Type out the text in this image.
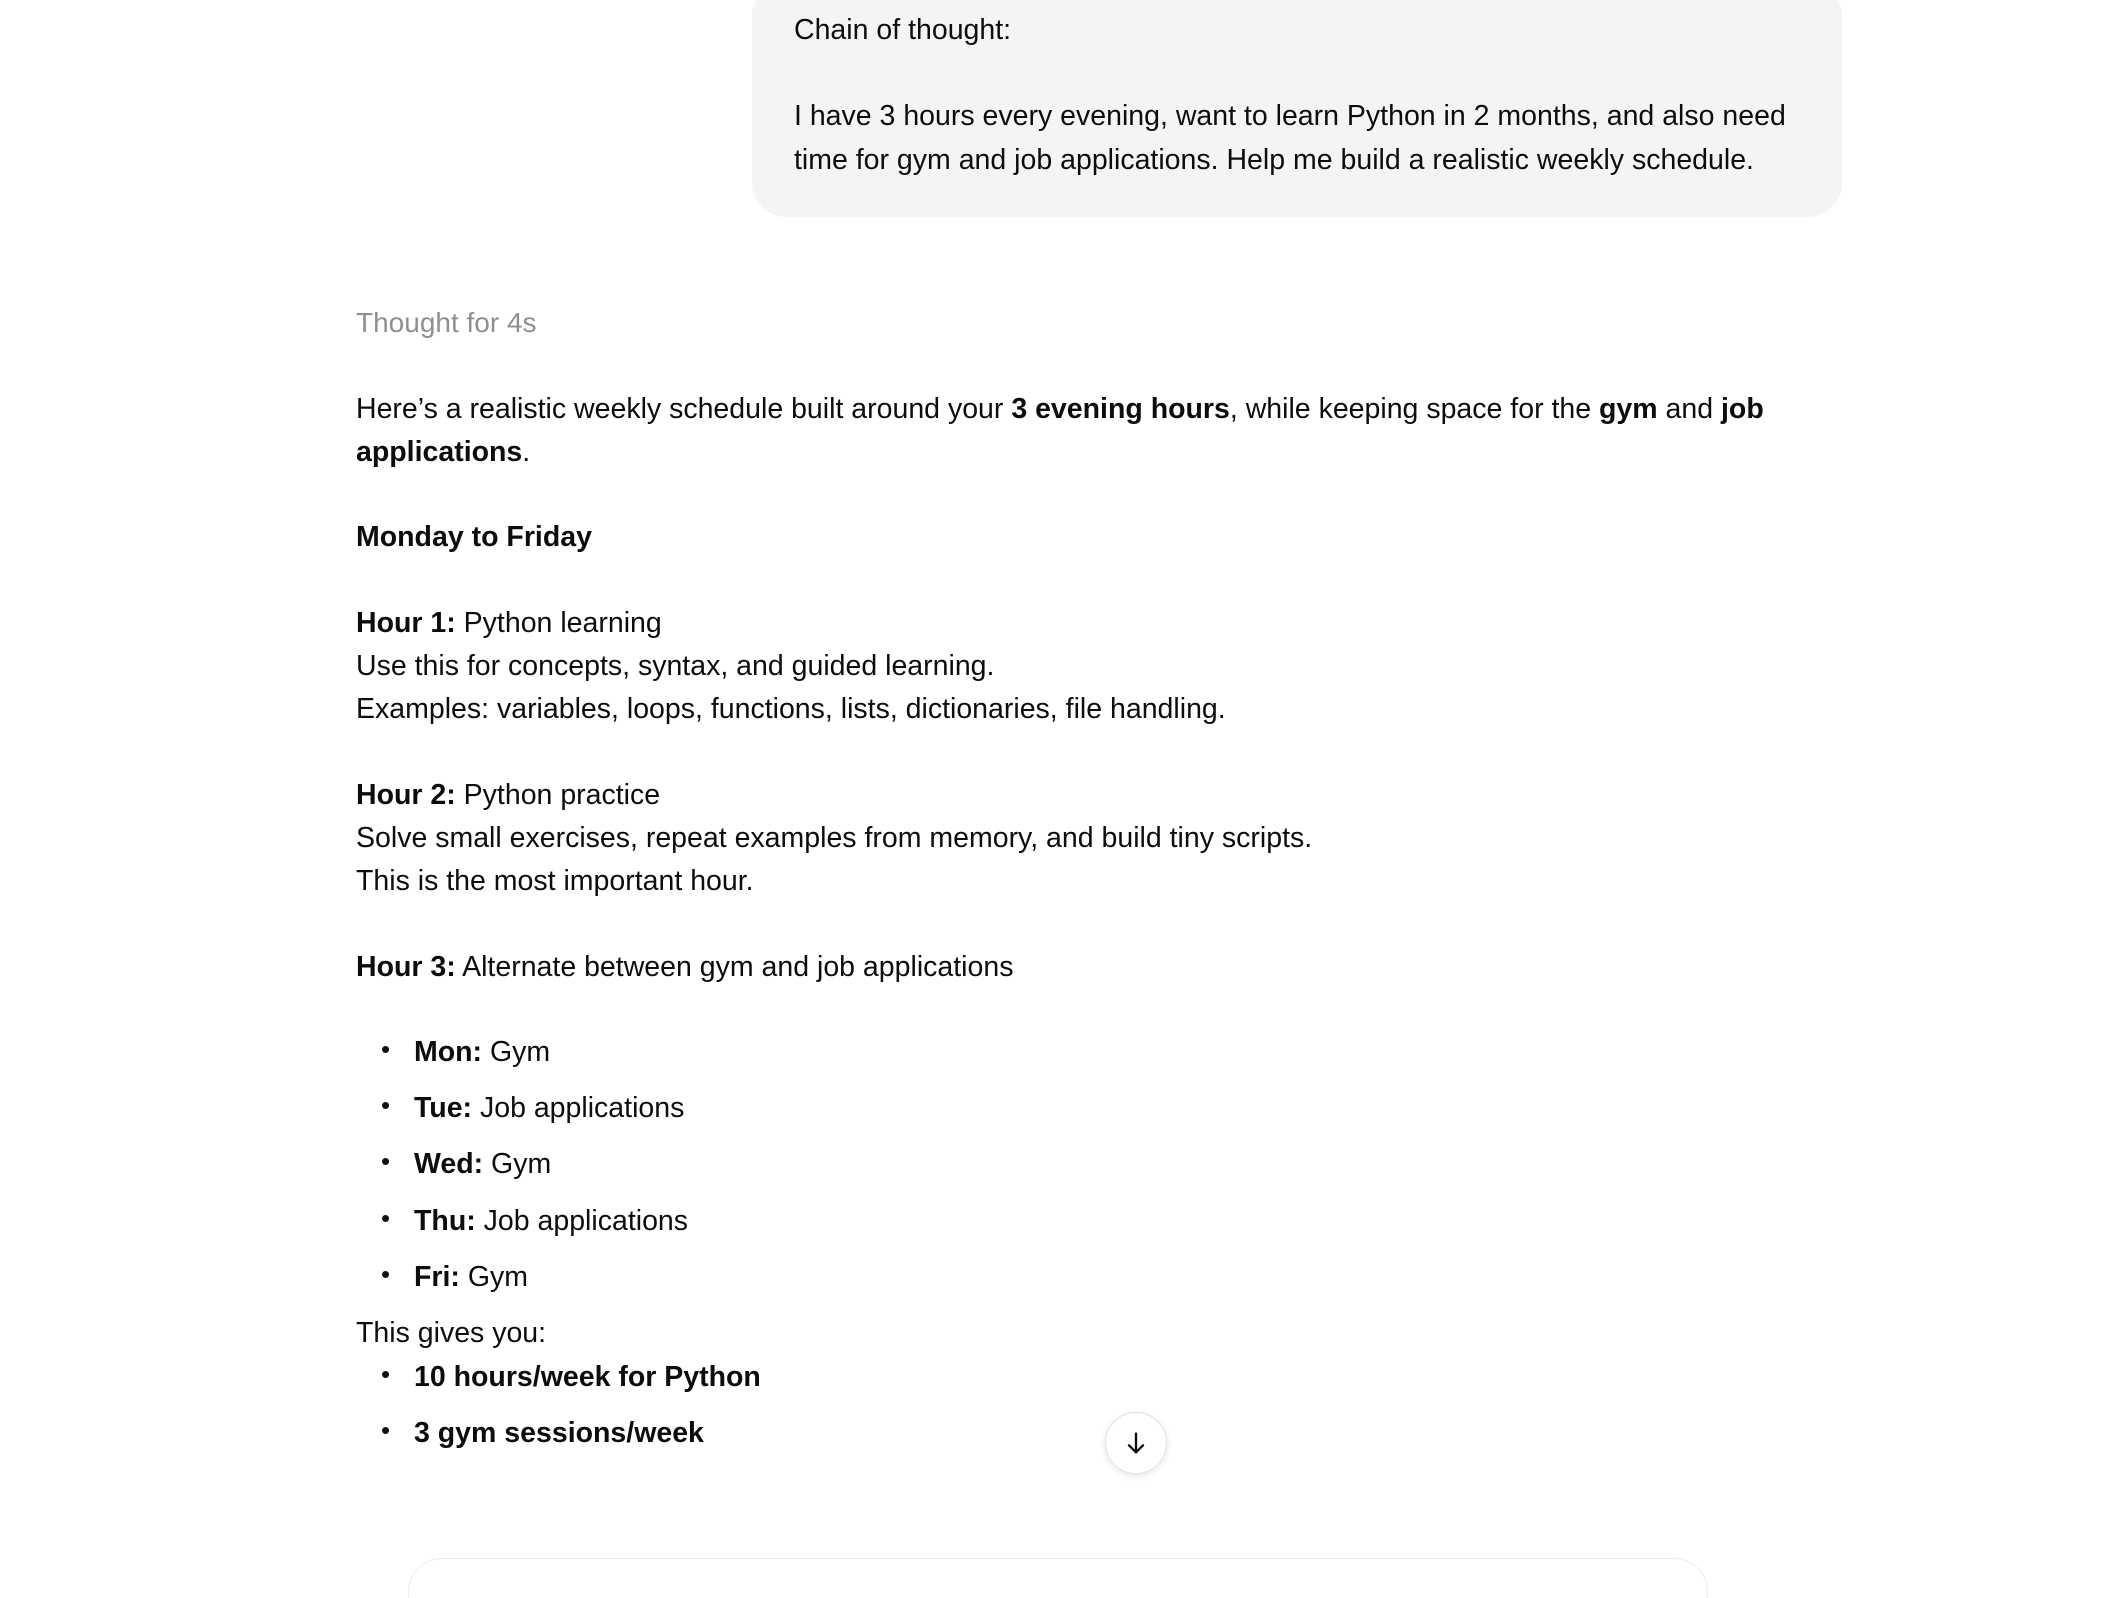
Chain of thought:

I have 3 hours every evening, want to learn Python in 2 months, and also need time for gym and job applications. Help me build a realistic weekly schedule.

Thought for 4s

Here’s a realistic weekly schedule built around your 3 evening hours, while keeping space for the gym and job applications.

Monday to Friday
Hour 1: Python learning
Use this for concepts, syntax, and guided learning.
Examples: variables, loops, functions, lists, dictionaries, file handling.
Hour 2: Python practice
Solve small exercises, repeat examples from memory, and build tiny scripts.
This is the most important hour.
Hour 3: Alternate between gym and job applications
• Mon: Gym
• Tue: Job applications
• Wed: Gym
• Thu: Job applications
• Fri: Gym

This gives you:

• 10 hours/week for Python
• 3 gym sessions/week
